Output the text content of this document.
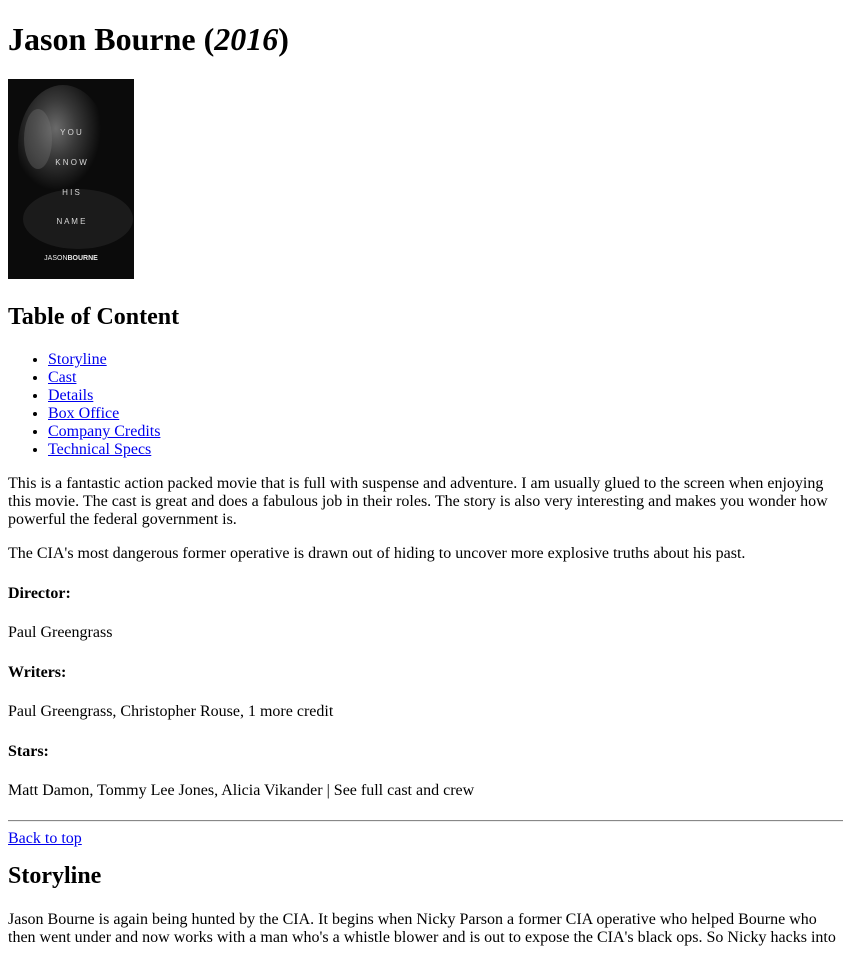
Jason Bourne (2016)
Y O U
K N O W
H I S
N A M E
JASONBOURNE
Table of Content
• Storyline
• Cast
• Details
• Box Office
• Company Credits
• Technical Specs

This is a fantastic action packed movie that is full with suspense and adventure. I am usually glued to the screen when enjoying this movie. The cast is great and does a fabulous job in their roles. The story is also very interesting and makes you wonder how powerful the federal government is.

The CIA's most dangerous former operative is drawn out of hiding to uncover more explosive truths about his past.

Director:
Paul Greengrass
Writers:
Paul Greengrass, Christopher Rouse, 1 more credit
Stars:
Matt Damon, Tommy Lee Jones, Alicia Vikander | See full cast and crew
Back to top
Storyline

Jason Bourne is again being hunted by the CIA. It begins when Nicky Parson a former CIA operative who helped Bourne who then went under and now works with a man who's a whistle blower and is out to expose the CIA's black ops. So Nicky hacks into
